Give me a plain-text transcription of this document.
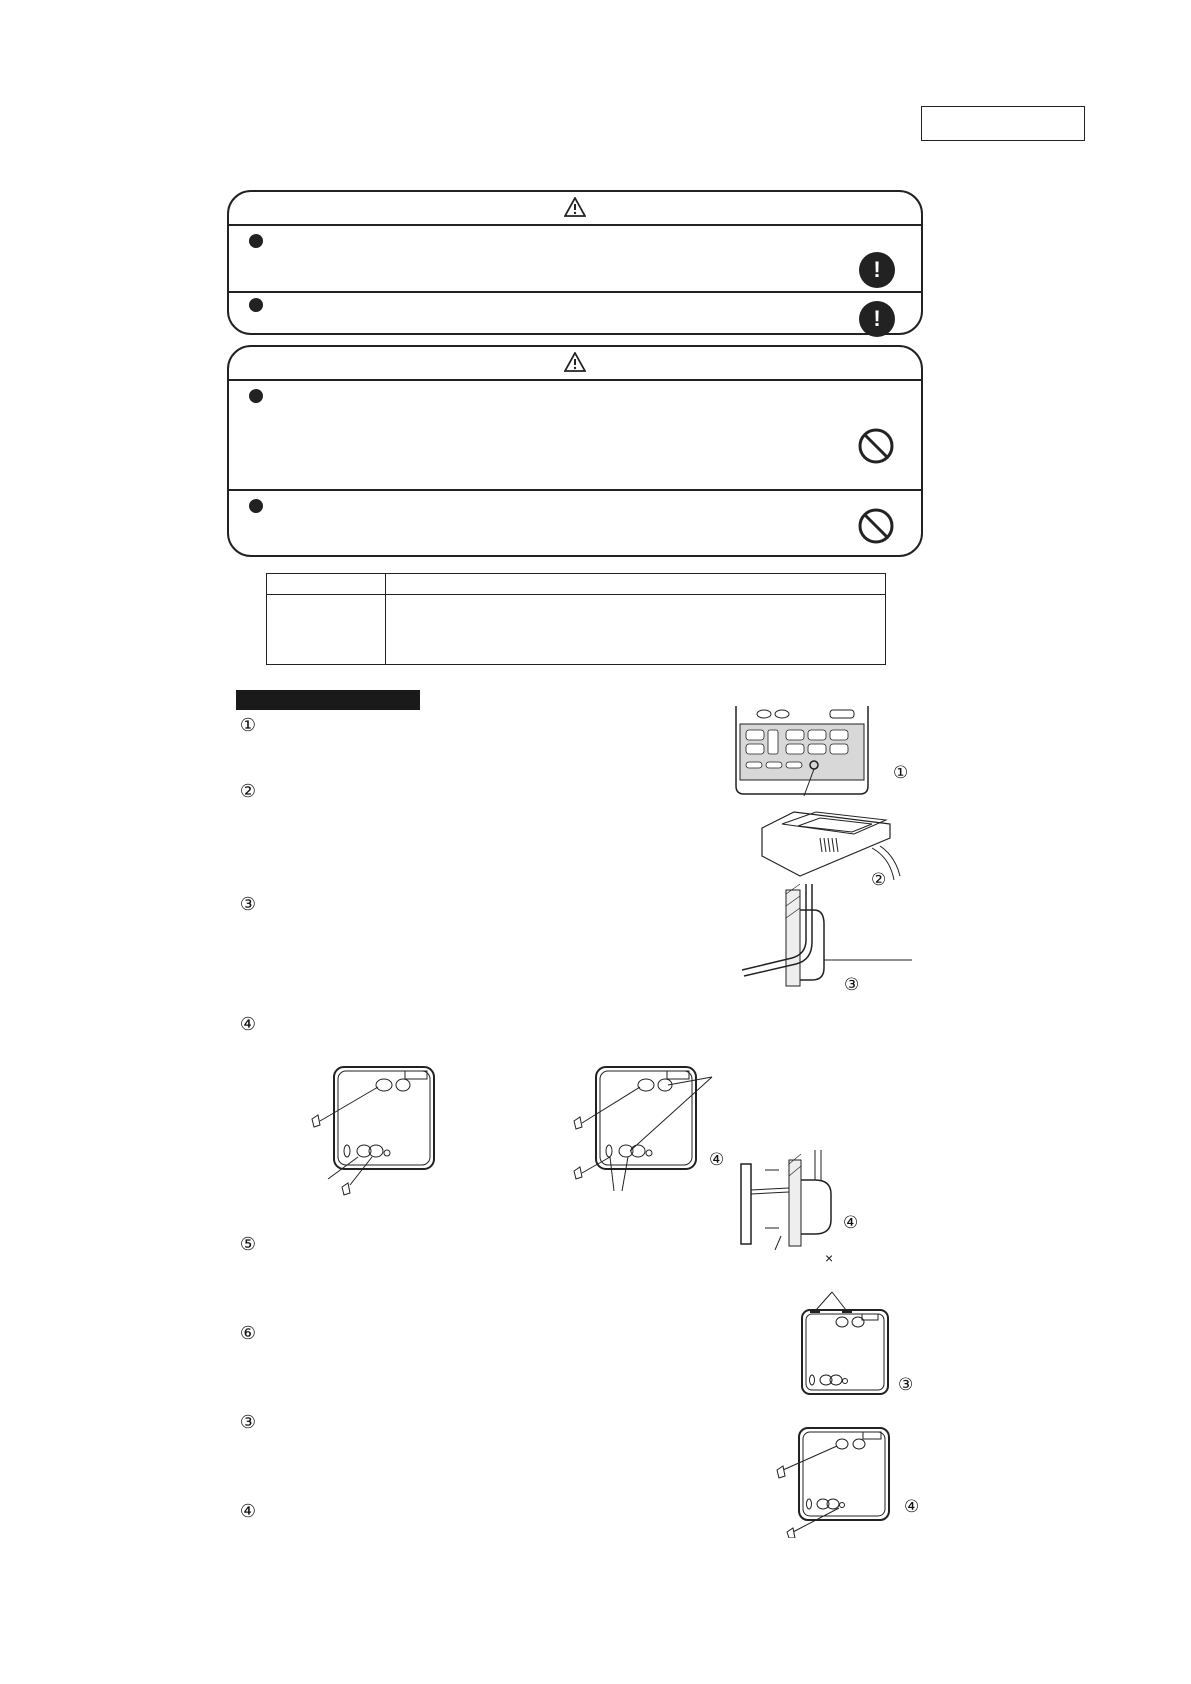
!
!

①
②
③
④
⑤
⑥
③
④
①
②
③
④
④
×
③
④
